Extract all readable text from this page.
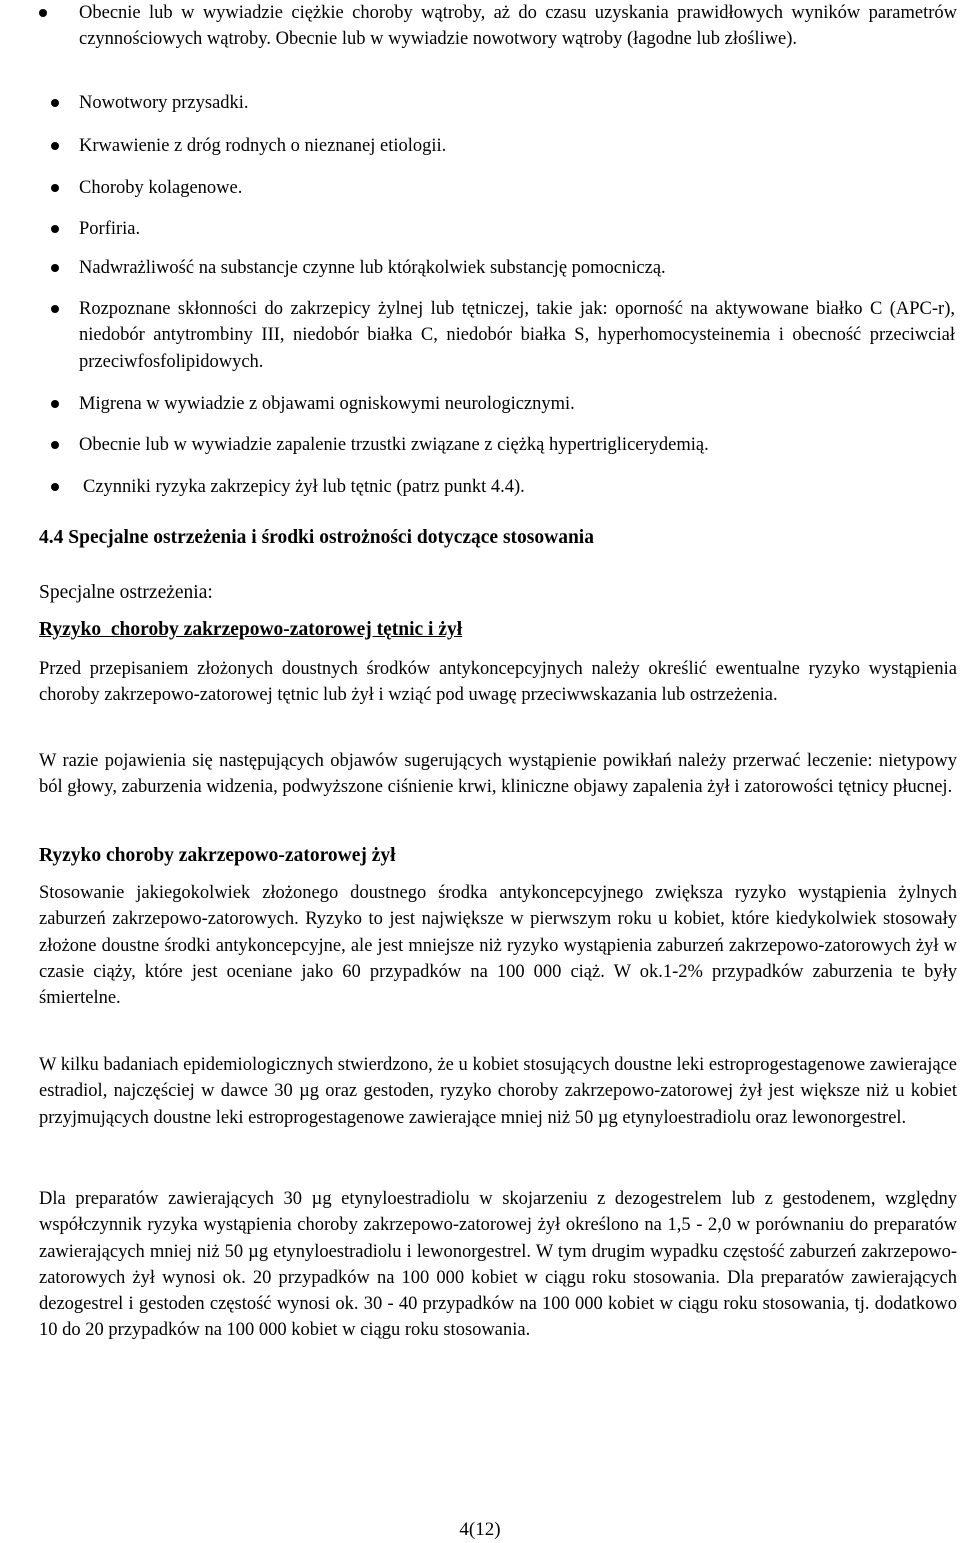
Obecnie lub w wywiadzie ciężkie choroby wątroby, aż do czasu uzyskania prawidłowych wyników parametrów czynnościowych wątroby. Obecnie lub w wywiadzie nowotwory wątroby (łagodne lub złośliwe).
Nowotwory przysadki.
Krwawienie z dróg rodnych o nieznanej etiologii.
Choroby kolagenowe.
Porfiria.
Nadwrażliwość na substancje czynne lub którąkolwiek substancję pomocniczą.
Rozpoznane skłonności do zakrzepicy żylnej lub tętniczej, takie jak: oporność na aktywowane białko C (APC-r), niedobór antytrombiny III, niedobór białka C, niedobór białka S, hyperhomocysteinemia i obecność przeciwciał przeciwfosfolipidowych.
Migrena w wywiadzie z objawami ogniskowymi neurologicznymi.
Obecnie lub w wywiadzie zapalenie trzustki związane z ciężką hypertriglicerydemią.
Czynniki ryzyka zakrzepicy żył lub tętnic (patrz punkt 4.4).
4.4 Specjalne ostrzeżenia i środki ostrożności dotyczące stosowania
Specjalne ostrzeżenia:
Ryzyko  choroby zakrzepowo-zatorowej tętnic i żył

Przed przepisaniem złożonych doustnych środków antykoncepcyjnych należy określić ewentualne ryzyko wystąpienia choroby zakrzepowo-zatorowej tętnic lub żył i wziąć pod uwagę przeciwwskazania lub ostrzeżenia.

W razie pojawienia się następujących objawów sugerujących wystąpienie powikłań należy przerwać leczenie: nietypowy ból głowy, zaburzenia widzenia, podwyższone ciśnienie krwi, kliniczne objawy zapalenia żył i zatorowości tętnicy płucnej.

Ryzyko choroby zakrzepowo-zatorowej żył

Stosowanie jakiegokolwiek złożonego doustnego środka antykoncepcyjnego zwiększa ryzyko wystąpienia żylnych zaburzeń zakrzepowo-zatorowych. Ryzyko to jest największe w pierwszym roku u kobiet, które kiedykolwiek stosowały złożone doustne środki antykoncepcyjne, ale jest mniejsze niż ryzyko wystąpienia zaburzeń zakrzepowo-zatorowych żył w czasie ciąży, które jest oceniane jako 60 przypadków na 100 000 ciąż. W ok.1-2% przypadków zaburzenia te były śmiertelne.

W kilku badaniach epidemiologicznych stwierdzono, że u kobiet stosujących doustne leki estroprogestagenowe zawierające estradiol, najczęściej w dawce 30 µg oraz gestoden, ryzyko choroby zakrzepowo-zatorowej żył jest większe niż u kobiet przyjmujących doustne leki estroprogestagenowe zawierające mniej niż 50 µg etynyloestradiolu oraz lewonorgestrel.

Dla preparatów zawierających 30 µg etynyloestradiolu w skojarzeniu z dezogestrelem lub z gestodenem, względny współczynnik ryzyka wystąpienia choroby zakrzepowo-zatorowej żył określono na 1,5 - 2,0 w porównaniu do preparatów zawierających mniej niż 50 µg etynyloestradiolu i lewonorgestrel. W tym drugim wypadku częstość zaburzeń zakrzepowo-zatorowych żył wynosi ok. 20 przypadków na 100 000 kobiet w ciągu roku stosowania. Dla preparatów zawierających dezogestrel i gestoden częstość wynosi ok. 30 - 40 przypadków na 100 000 kobiet w ciągu roku stosowania, tj. dodatkowo 10 do 20 przypadków na 100 000 kobiet w ciągu roku stosowania.

4(12)
